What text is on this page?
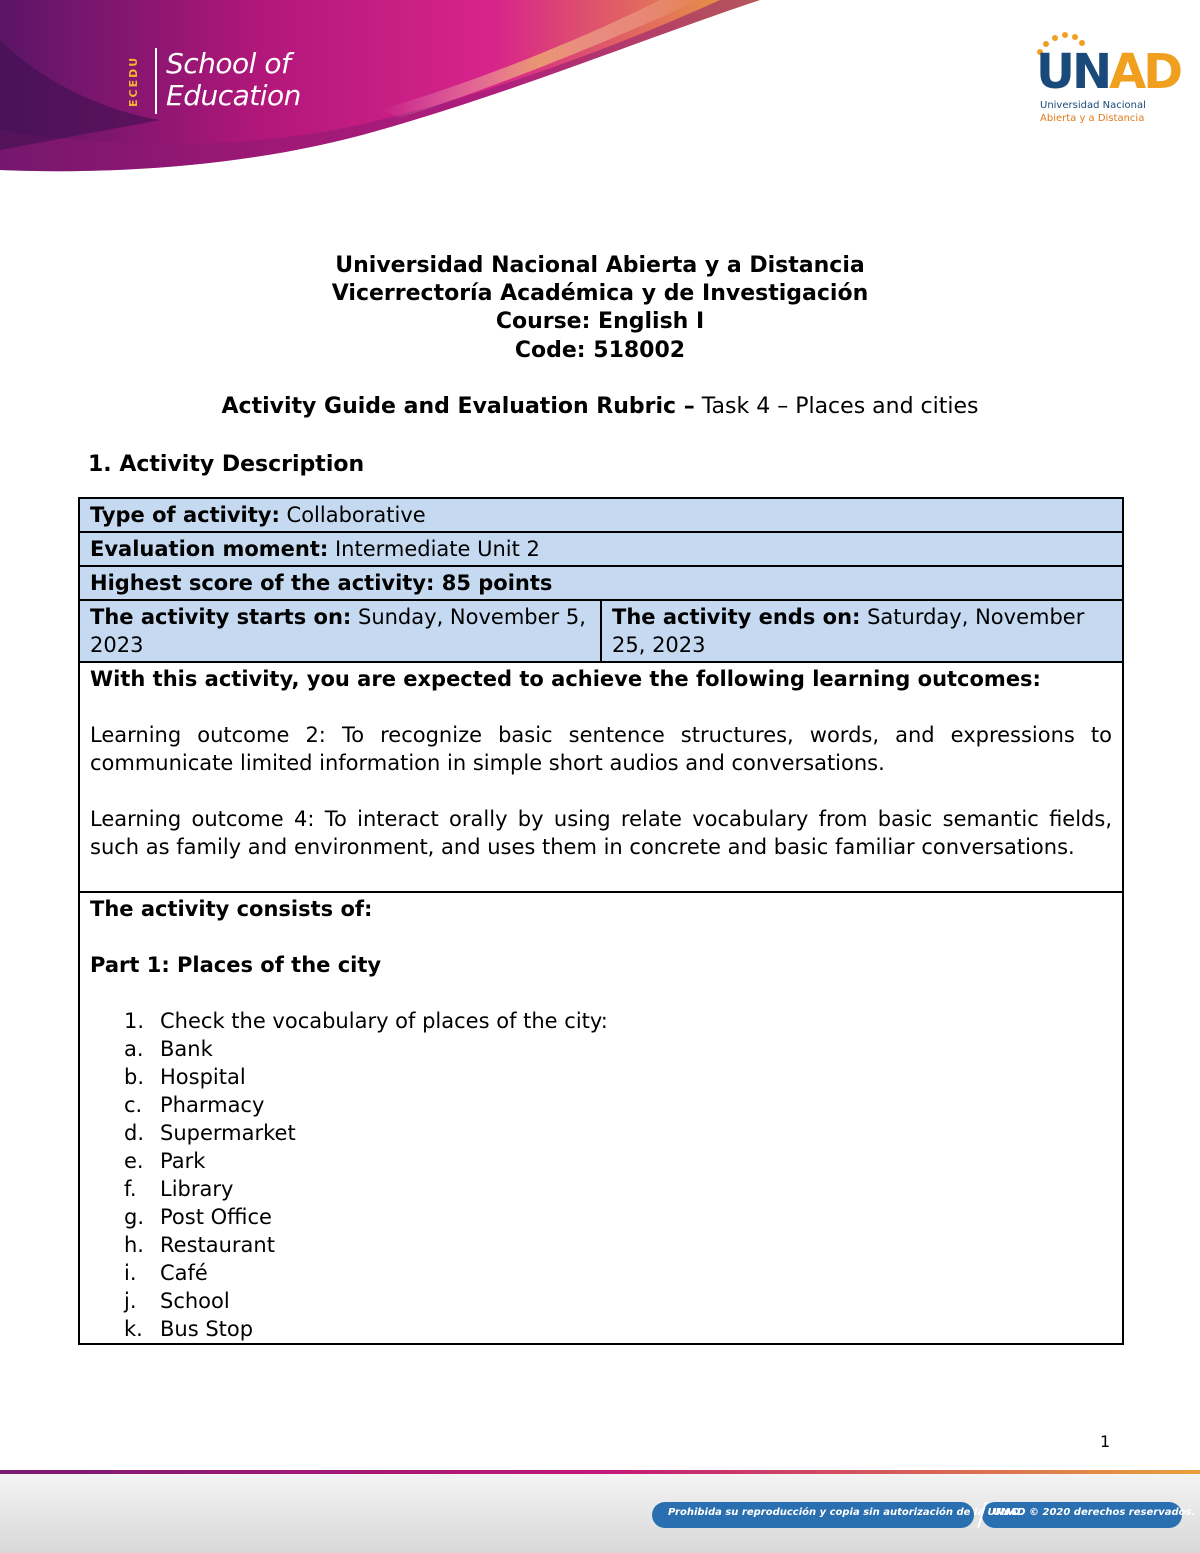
ECEDU School of
Education	UNAD
Universidad Nacional
Abierta y a Distancia
Universidad Nacional Abierta y a Distancia
Vicerrectoría Académica y de Investigación
Course: English I
Code: 518002
Activity Guide and Evaluation Rubric – Task 4 – Places and cities
1. Activity Description
Type of activity: Collaborative
Evaluation moment: Intermediate Unit 2
Highest score of the activity: 85 points
The activity starts on: Sunday, November 5, 2023	The activity ends on: Saturday, November 25, 2023

With this activity, you are expected to achieve the following learning outcomes:

Learning outcome 2: To recognize basic sentence structures, words, and expressions to communicate limited information in simple short audios and conversations.

Learning outcome 4: To interact orally by using relate vocabulary from basic semantic fields, such as family and environment, and uses them in concrete and basic familiar conversations.

The activity consists of:

Part 1: Places of the city

1. Check the vocabulary of places of the city:
a. Bank
b. Hospital
c. Pharmacy
d. Supermarket
e. Park
f. Library
g. Post Office
h. Restaurant
i. Café
j. School
k. Bus Stop
1
Prohibida su reproducción y copia sin autorización de la UNAD.
UNAD © 2020 derechos reservados.
